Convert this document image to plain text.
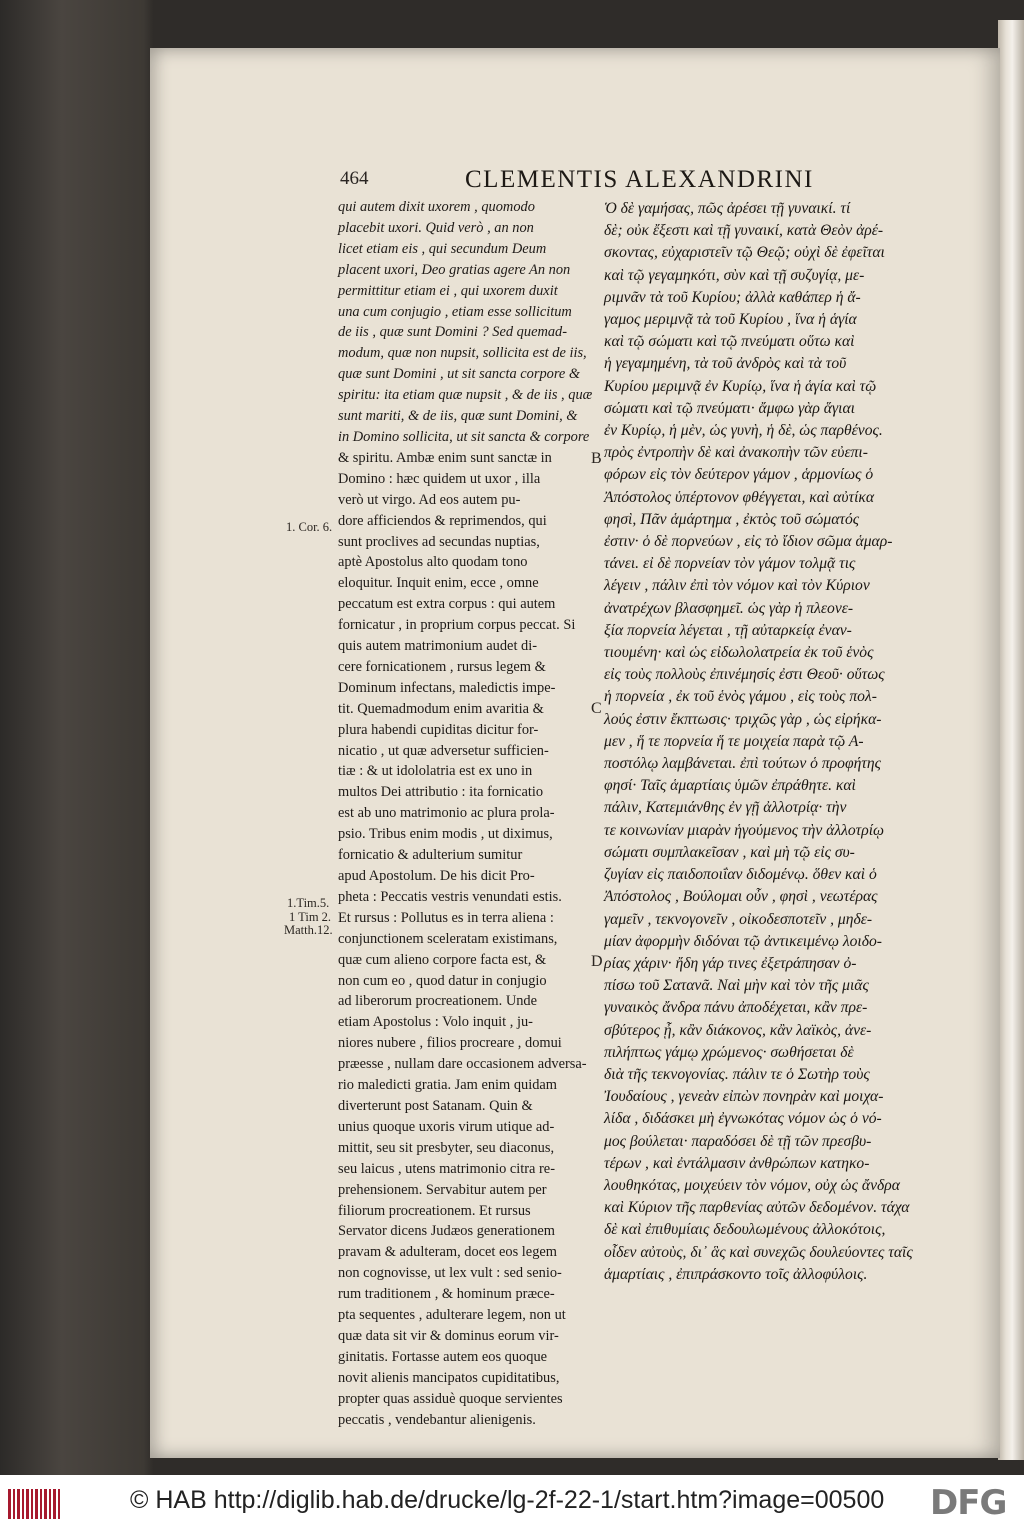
464	CLEMENTIS ALEXANDRINI
qui autem dixit uxorem , quomodo
placebit uxori. Quid verò , an non
licet etiam eis , qui secundum Deum
placent uxori, Deo gratias agere An non
permittitur etiam ei , qui uxorem duxit
una cum conjugio , etiam esse sollicitum
de iis , quæ sunt Domini ? Sed quemad-
modum, quæ non nupsit, sollicita est de iis,
quæ sunt Domini , ut sit sancta corpore &
spiritu: ita etiam quæ nupsit , & de iis , quæ
sunt mariti, & de iis, quæ sunt Domini, &
in Domino sollicita, ut sit sancta & corpore
& spiritu. Ambæ enim sunt sanctæ in
Domino : hæc quidem ut uxor , illa
verò ut virgo. Ad eos autem pu-
dore afficiendos & reprimendos, qui
sunt proclives ad secundas nuptias,
aptè Apostolus alto quodam tono
eloquitur. Inquit enim, ecce , omne
peccatum est extra corpus : qui autem
fornicatur , in proprium corpus peccat. Si
quis autem matrimonium audet di-
cere fornicationem , rursus legem &
Dominum infectans, maledictis impe-
tit. Quemadmodum enim avaritia &
plura habendi cupiditas dicitur for-
nicatio , ut quæ adversetur sufficien-
tiæ : & ut idololatria est ex uno in
multos Dei attributio : ita fornicatio
est ab uno matrimonio ac plura prola-
psio. Tribus enim modis , ut diximus,
fornicatio & adulterium sumitur
apud Apostolum. De his dicit Pro-
pheta : Peccatis vestris venundati estis.
Et rursus : Pollutus es in terra aliena :
conjunctionem sceleratam existimans,
quæ cum alieno corpore facta est, &
non cum eo , quod datur in conjugio
ad liberorum procreationem. Unde
etiam Apostolus : Volo inquit , ju-
niores nubere , filios procreare , domui
præesse , nullam dare occasionem adversa-
rio maledicti gratia. Jam enim quidam
diverterunt post Satanam. Quin &
unius quoque uxoris virum utique ad-
mittit, seu sit presbyter, seu diaconus,
seu laicus , utens matrimonio citra re-
prehensionem. Servabitur autem per
filiorum procreationem. Et rursus
Servator dicens Judæos generationem
pravam & adulteram, docet eos legem
non cognovisse, ut lex vult : sed senio-
rum traditionem , & hominum præce-
pta sequentes , adulterare legem, non ut
quæ data sit vir & dominus eorum vir-
ginitatis. Fortasse autem eos quoque
novit alienis mancipatos cupiditatibus,
propter quas assiduè quoque servientes
peccatis , vendebantur alienigenis.
Ὁ δὲ γαμήσας, πῶς ἀρέσει τῇ γυναικί. τί
δὲ; οὐκ ἔξεστι καὶ τῇ γυναικί, κατὰ Θεὸν ἀρέ-
σκοντας, εὐχαριστεῖν τῷ Θεῷ; οὐχὶ δὲ ἐφεῖται
καὶ τῷ γεγαμηκότι, σὺν καὶ τῇ συζυγίᾳ, με-
ριμνᾶν τὰ τοῦ Κυρίου; ἀλλὰ καθάπερ ἡ ἄ-
γαμος μεριμνᾷ τὰ τοῦ Κυρίου , ἵνα ἡ ἁγία
καὶ τῷ σώματι καὶ τῷ πνεύματι οὕτω καὶ
ἡ γεγαμημένη, τὰ τοῦ ἀνδρὸς καὶ τὰ τοῦ
Κυρίου μεριμνᾷ ἐν Κυρίῳ, ἵνα ἡ ἁγία καὶ τῷ
σώματι καὶ τῷ πνεύματι· ἄμφω γὰρ ἅγιαι
ἐν Κυρίῳ, ἡ μὲν, ὡς γυνὴ, ἡ δὲ, ὡς παρθένος.
πρὸς ἐντροπὴν δὲ καὶ ἀνακοπὴν τῶν εὐεπι-
φόρων εἰς τὸν δεύτερον γάμον , ἁρμονίως ὁ
Ἀπόστολος ὑπέρτονον φθέγγεται, καὶ αὐτίκα
φησὶ, Πᾶν ἁμάρτημα , ἐκτὸς τοῦ σώματός
ἐστιν· ὁ δὲ πορνεύων , εἰς τὸ ἴδιον σῶμα ἁμαρ-
τάνει. εἰ δὲ πορνείαν τὸν γάμον τολμᾷ τις
λέγειν , πάλιν ἐπὶ τὸν νόμον καὶ τὸν Κύριον
ἀνατρέχων βλασφημεῖ. ὡς γὰρ ἡ πλεονε-
ξία πορνεία λέγεται , τῇ αὐταρκείᾳ ἐναν-
τιουμένη· καὶ ὡς εἰδωλολατρεία ἐκ τοῦ ἑνὸς
εἰς τοὺς πολλοὺς ἐπινέμησίς ἐστι Θεοῦ· οὕτως
ἡ πορνεία , ἐκ τοῦ ἑνὸς γάμου , εἰς τοὺς πολ-
λούς ἐστιν ἔκπτωσις· τριχῶς γὰρ , ὡς εἰρήκα-
μεν , ἥ τε πορνεία ἥ τε μοιχεία παρὰ τῷ Α-
ποστόλῳ λαμβάνεται. ἐπὶ τούτων ὁ προφήτης
φησί· Ταῖς ἁμαρτίαις ὑμῶν ἐπράθητε. καὶ
πάλιν, Κατεμιάνθης ἐν γῇ ἀλλοτρίᾳ· τὴν
τε κοινωνίαν μιαρὰν ἡγούμενος τὴν ἀλλοτρίῳ
σώματι συμπλακεῖσαν , καὶ μὴ τῷ εἰς συ-
ζυγίαν εἰς παιδοποιΐαν διδομένῳ. ὅθεν καὶ ὁ
Ἀπόστολος , Βούλομαι οὖν , φησὶ , νεωτέρας
γαμεῖν , τεκνογονεῖν , οἰκοδεσποτεῖν , μηδε-
μίαν ἀφορμὴν διδόναι τῷ ἀντικειμένῳ λοιδο-
ρίας χάριν· ἤδη γάρ τινες ἐξετράπησαν ὀ-
πίσω τοῦ Σατανᾶ. Ναὶ μὴν καὶ τὸν τῆς μιᾶς
γυναικὸς ἄνδρα πάνυ ἀποδέχεται, κἂν πρε-
σβύτερος ᾖ, κἂν διάκονος, κἂν λαϊκὸς, ἀνε-
πιλήπτως γάμῳ χρώμενος· σωθήσεται δὲ
διὰ τῆς τεκνογονίας. πάλιν τε ὁ Σωτὴρ τοὺς
Ἰουδαίους , γενεὰν εἰπὼν πονηρὰν καὶ μοιχα-
λίδα , διδάσκει μὴ ἐγνωκότας νόμον ὡς ὁ νό-
μος βούλεται· παραδόσει δὲ τῇ τῶν πρεσβυ-
τέρων , καὶ ἐντάλμασιν ἀνθρώπων κατηκο-
λουθηκότας, μοιχεύειν τὸν νόμον, οὐχ ὡς ἄνδρα
καὶ Κύριον τῆς παρθενίας αὐτῶν δεδομένον. τάχα
δὲ καὶ ἐπιθυμίαις δεδουλωμένους ἀλλοκότοις,
οἶδεν αὐτοὺς, δι᾽ ἃς καὶ συνεχῶς δουλεύοντες ταῖς
ἁμαρτίαις , ἐπιπράσκοντο τοῖς ἀλλοφύλοις.
1. Cor. 6.
1.Tim.5.
1 Tim 2.
Matth.12.
B
C
D
© HAB http://diglib.hab.de/drucke/lg-2f-22-1/start.htm?image=00500 DFG
